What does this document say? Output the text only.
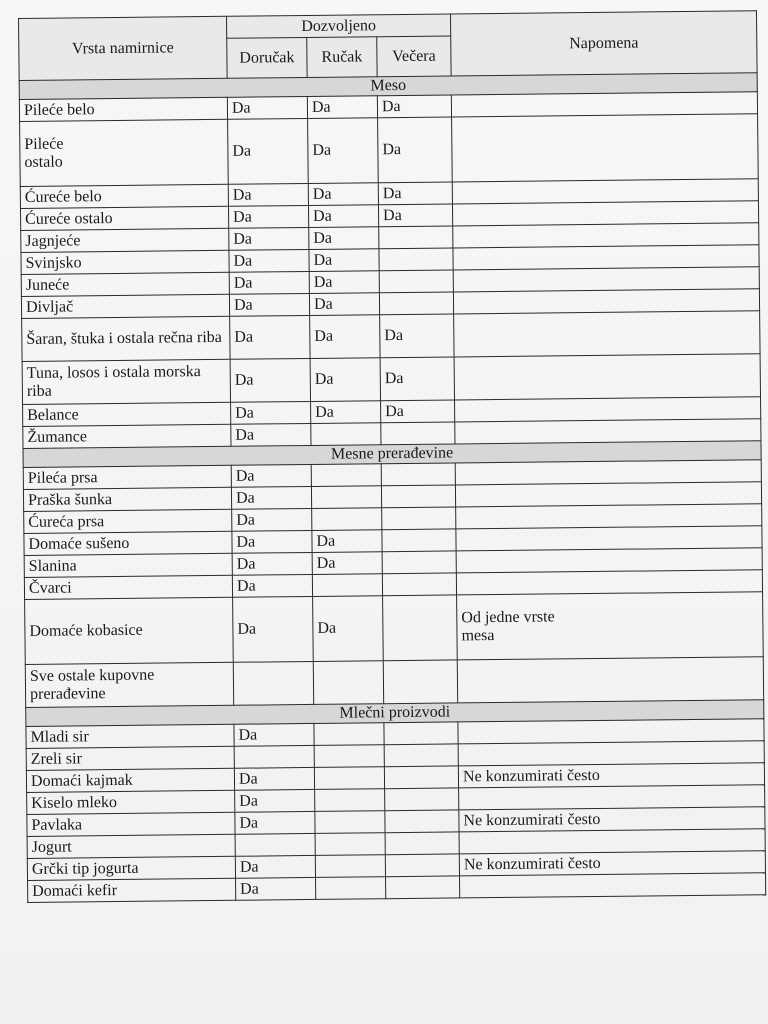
Vrsta namirnice	Dozvoljeno			Napomena
	Doručak	Ručak	Večera	
Meso				
Pileće belo	Da	Da	Da	
Pileće
ostalo	Da	Da	Da	
Ćureće belo	Da	Da	Da	
Ćureće ostalo	Da	Da	Da	
Jagnjeće	Da	Da		
Svinjsko	Da	Da		
Juneće	Da	Da		
Divljač	Da	Da		
Šaran, štuka i ostala rečna riba	Da	Da	Da	
Tuna, losos i ostala morska riba	Da	Da	Da	
Belance	Da	Da	Da	
Žumance	Da			
Mesne prerađevine				
Pileća prsa	Da			
Praška šunka	Da			
Ćureća prsa	Da			
Domaće sušeno	Da	Da		
Slanina	Da	Da		
Čvarci	Da			
Domaće kobasice	Da	Da		Od jedne vrste
mesa
Sve ostale kupovne
prerađevine				
Mlečni proizvodi				
Mladi sir	Da			
Zreli sir				
Domaći kajmak	Da			Ne konzumirati često
Kiselo mleko	Da			
Pavlaka	Da			Ne konzumirati često
Jogurt				
Grčki tip jogurta	Da			Ne konzumirati često
Domaći kefir	Da			
